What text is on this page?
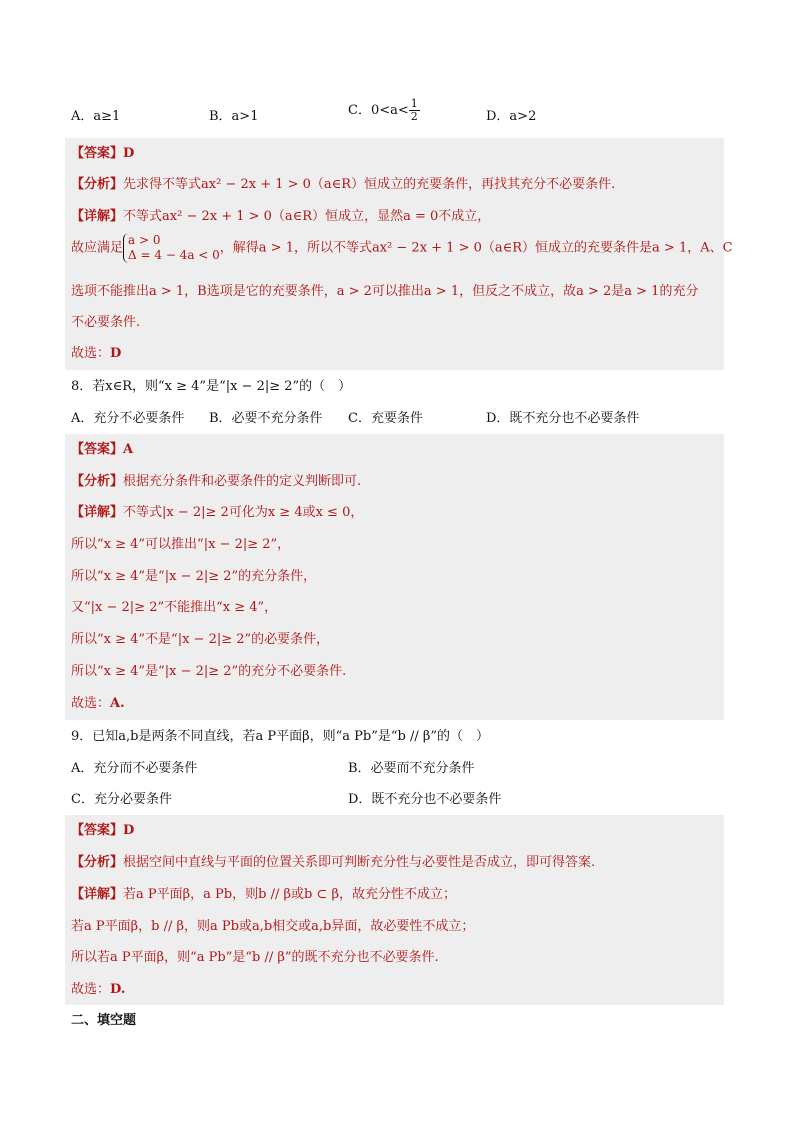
A．a≥1	B．a>1	C．$0<a< \frac{1}{2}$	D．a>2
【答案】D
【分析】先求得不等式ax² − 2x + 1 > 0（a∈R）恒成立的充要条件，再找其充分不必要条件.
【详解】不等式ax² − 2x + 1 > 0（a∈R）恒成立，显然a = 0不成立，
故应满足
a > 0
Δ = 4 − 4a < 0 ，解得a > 1，所以不等式ax² − 2x + 1 > 0（a∈R）恒成立的充要条件是a > 1，A、C
选项不能推出a > 1，B选项是它的充要条件，a > 2可以推出a > 1，但反之不成立，故a > 2是a > 1的充分
不必要条件.
故选：D
8．若x∈R，则“x ≥ 4”是“|x − 2|≥ 2”的（　）
A．充分不必要条件 B．必要不充分条件 C．充要条件	D．既不充分也不必要条件
【答案】A
【分析】根据充分条件和必要条件的定义判断即可.
【详解】不等式|x − 2|≥ 2可化为x ≥ 4或x ≤ 0，
所以“x ≥ 4”可以推出“|x − 2|≥ 2”，
所以“x ≥ 4”是“|x − 2|≥ 2”的充分条件，
又“|x − 2|≥ 2”不能推出“x ≥ 4”，
所以“x ≥ 4”不是“|x − 2|≥ 2”的必要条件，
所以“x ≥ 4”是“|x − 2|≥ 2”的充分不必要条件.
故选：A.
9．已知a,b是两条不同直线，若a P平面β，则“a Pb”是“b // β”的（　）
A．充分而不必要条件	B．必要而不充分条件
C．充分必要条件	D．既不充分也不必要条件
【答案】D
【分析】根据空间中直线与平面的位置关系即可判断充分性与必要性是否成立，即可得答案.
【详解】若a P平面β，a Pb，则b // β或b ⊂ β，故充分性不成立；
若a P平面β，b // β，则a Pb或a,b相交或a,b异面，故必要性不成立；
所以若a P平面β，则“a Pb”是“b // β”的既不充分也不必要条件.
故选：D.
二、填空题
